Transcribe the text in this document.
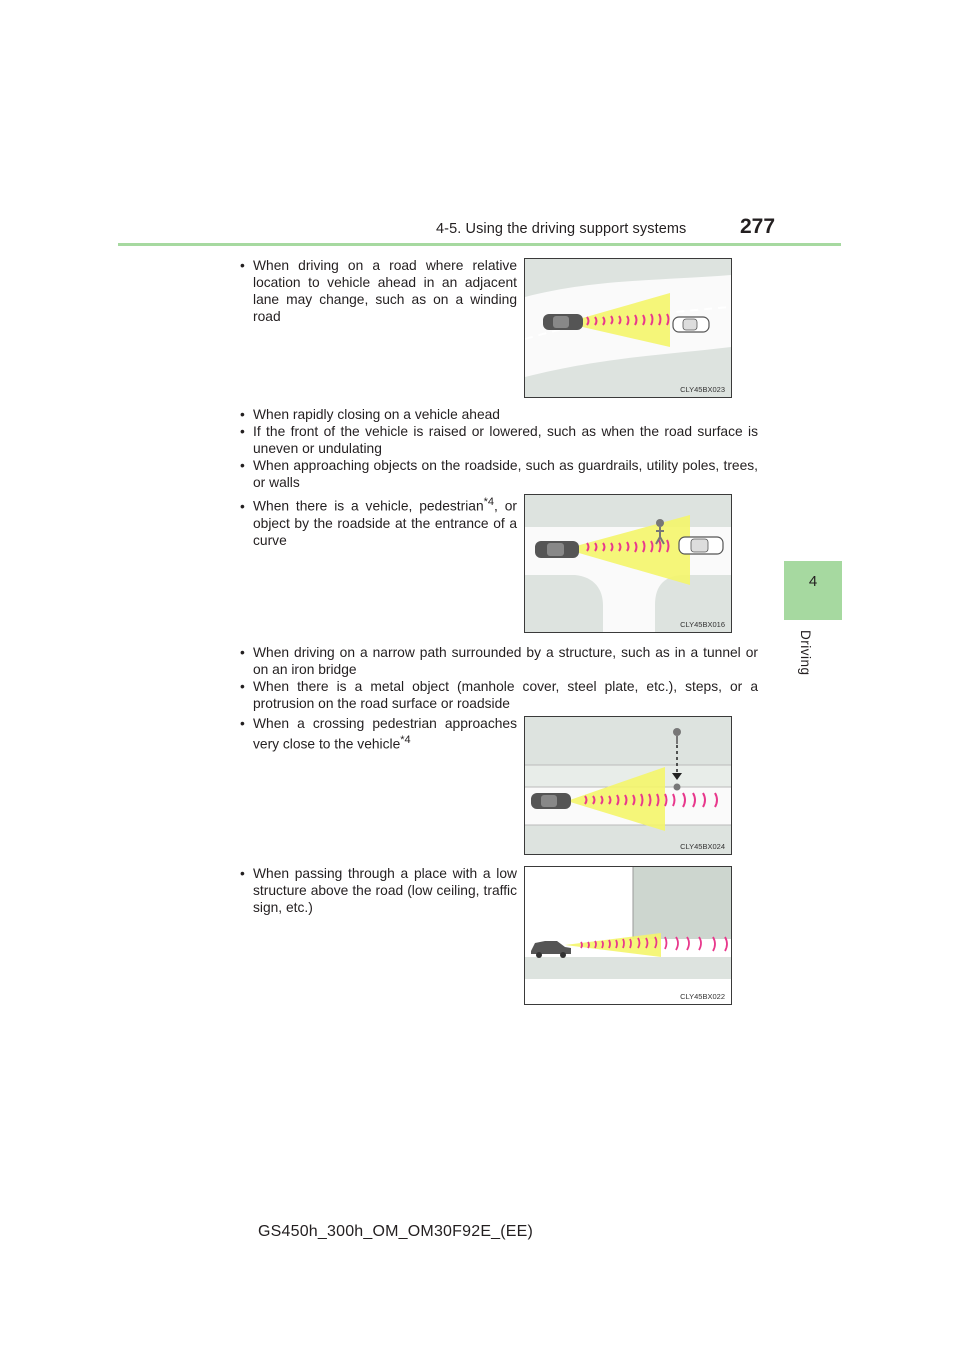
4-5. Using the driving support systems	277
4
Driving
• When driving on a road where relative location to vehicle ahead in an adjacent lane may change, such as on a winding road
CLY45BX023
• When rapidly closing on a vehicle ahead
• If the front of the vehicle is raised or lowered, such as when the road surface is uneven or undulating
• When approaching objects on the roadside, such as guardrails, utility poles, trees, or walls
• When there is a vehicle, pedestrian$^{*4}$, or object by the roadside at the entrance of a curve
CLY45BX016
• When driving on a narrow path surrounded by a structure, such as in a tunnel or on an iron bridge
• When there is a metal object (manhole cover, steel plate, etc.), steps, or a protrusion on the road surface or roadside
• When a crossing pedestrian approaches very close to the vehicle$^{*4}$
CLY45BX024
• When passing through a place with a low structure above the road (low ceiling, traffic sign, etc.)
CLY45BX022
GS450h_300h_OM_OM30F92E_(EE)
